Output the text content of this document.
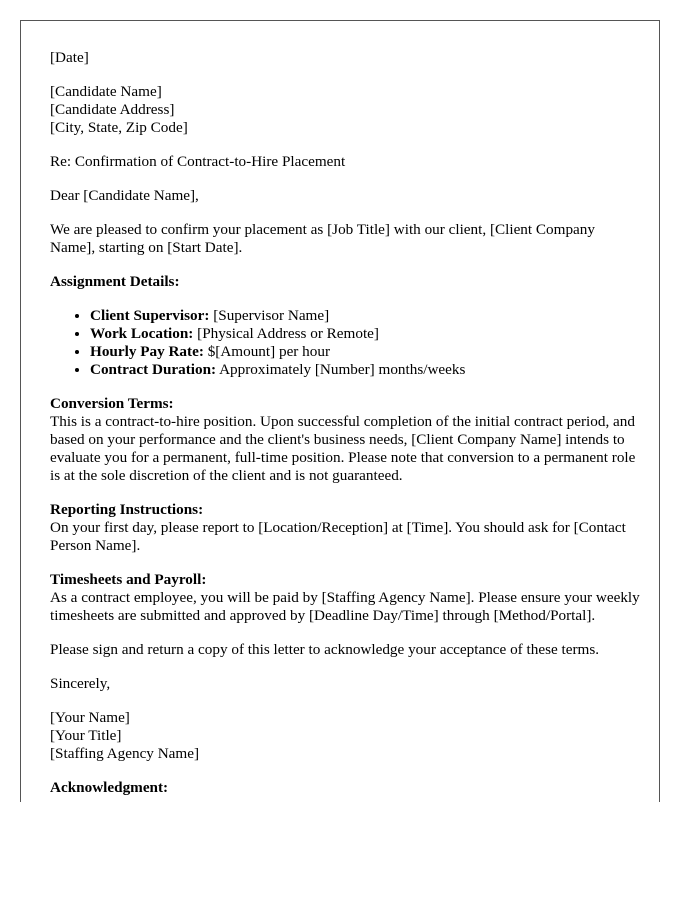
[Date]

[Candidate Name]
[Candidate Address]
[City, State, Zip Code]

Re: Confirmation of Contract-to-Hire Placement

Dear [Candidate Name],

We are pleased to confirm your placement as [Job Title] with our client, [Client Company Name], starting on [Start Date].

Assignment Details:

• Client Supervisor: [Supervisor Name]
• Work Location: [Physical Address or Remote]
• Hourly Pay Rate: $[Amount] per hour
• Contract Duration: Approximately [Number] months/weeks
Conversion Terms:
This is a contract-to-hire position. Upon successful completion of the initial contract period, and based on your performance and the client's business needs, [Client Company Name] intends to evaluate you for a permanent, full-time position. Please note that conversion to a permanent role is at the sole discretion of the client and is not guaranteed.
Reporting Instructions:
On your first day, please report to [Location/Reception] at [Time]. You should ask for [Contact Person Name].
Timesheets and Payroll:
As a contract employee, you will be paid by [Staffing Agency Name]. Please ensure your weekly timesheets are submitted and approved by [Deadline Day/Time] through [Method/Portal].

Please sign and return a copy of this letter to acknowledge your acceptance of these terms.

Sincerely,

[Your Name]
[Your Title]
[Staffing Agency Name]

Acknowledgment:
